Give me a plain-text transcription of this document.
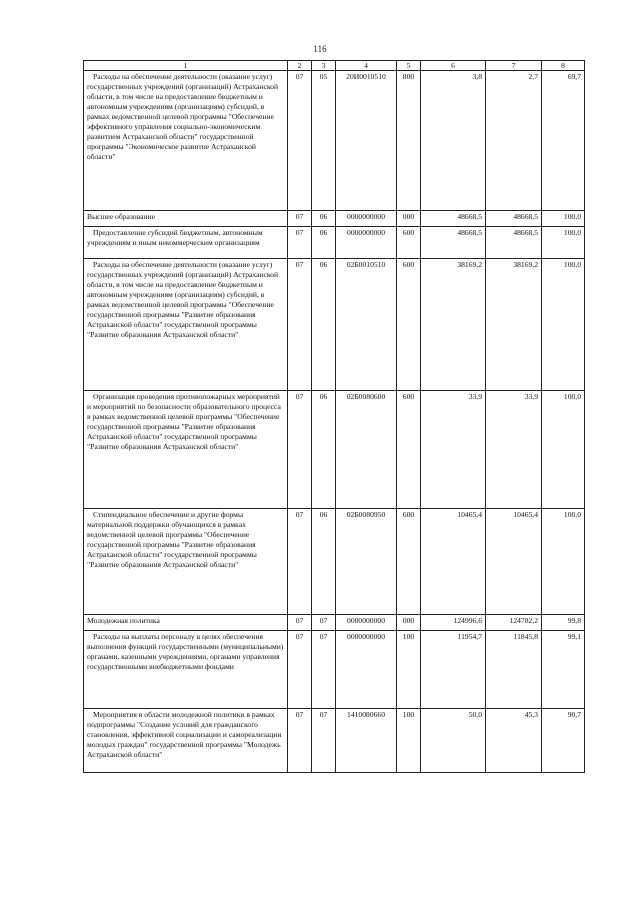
116
1	2	3	4	5	6	7	8
Расходы на обеспечение деятельности (оказание услуг) государственных учреждений (организаций) Астраханской области, в том числе на предоставление бюджетным и автономным учреждениям (организациям) субсидий, в рамках ведомственной целевой программы "Обеспечение эффективного управления социально-экономическим развитием Астраханской области" государственной программы "Экономическое развитие Астраханской области"	07	05	20И0010510	800	3,8	2,7	69,7
Высшее образование	07	06	0000000000	000	48668,5	48668,5	100,0
Предоставление субсидий бюджетным, автономным учреждениям и иным некоммерческим организациям	07	06	0000000000	600	48668,5	48668,5	100,0
Расходы на обеспечение деятельности (оказание услуг) государственных учреждений (организаций) Астраханской области, в том числе на предоставление бюджетным и автономным учреждениям (организациям) субсидий, в рамках ведомственной целевой программы "Обеспечение государственной программы "Развитие образования Астраханской области" государственной программы "Развитие образования Астраханской области"	07	06	02Б0010510	600	38169,2	38169,2	100,0
Организация проведения противопожарных мероприятий и мероприятий по безопасности образовательного процесса в рамках ведомственной целевой программы "Обеспечение государственной программы "Развитие образования Астраханской области" государственной программы "Развитие образования Астраханской области"	07	06	02Б0080600	600	33,9	33,9	100,0
Стипендиальное обеспечение и другие формы материальной поддержки обучающихся в рамках ведомственной целевой программы "Обеспечение государственной программы "Развитие образования Астраханской области" государственной программы "Развитие образования Астраханской области"	07	06	02Б0080950	600	10465,4	10465,4	100,0
Молодежная политика	07	07	0000000000	000	124996,6	124782,2	99,8
Расходы на выплаты персоналу в целях обеспечения выполнения функций государственными (муниципальными) органами, казенными учреждениями, органами управления государственными внебюджетными фондами	07	07	0000000000	100	11954,7	11845,8	99,1
Мероприятия в области молодежной политики в рамках подпрограммы "Создание условий для гражданского становления, эффективной социализации и самореализации молодых граждан" государственной программы "Молодежь Астраханской области"	07	07	1410080660	100	50,0	45,3	90,7
